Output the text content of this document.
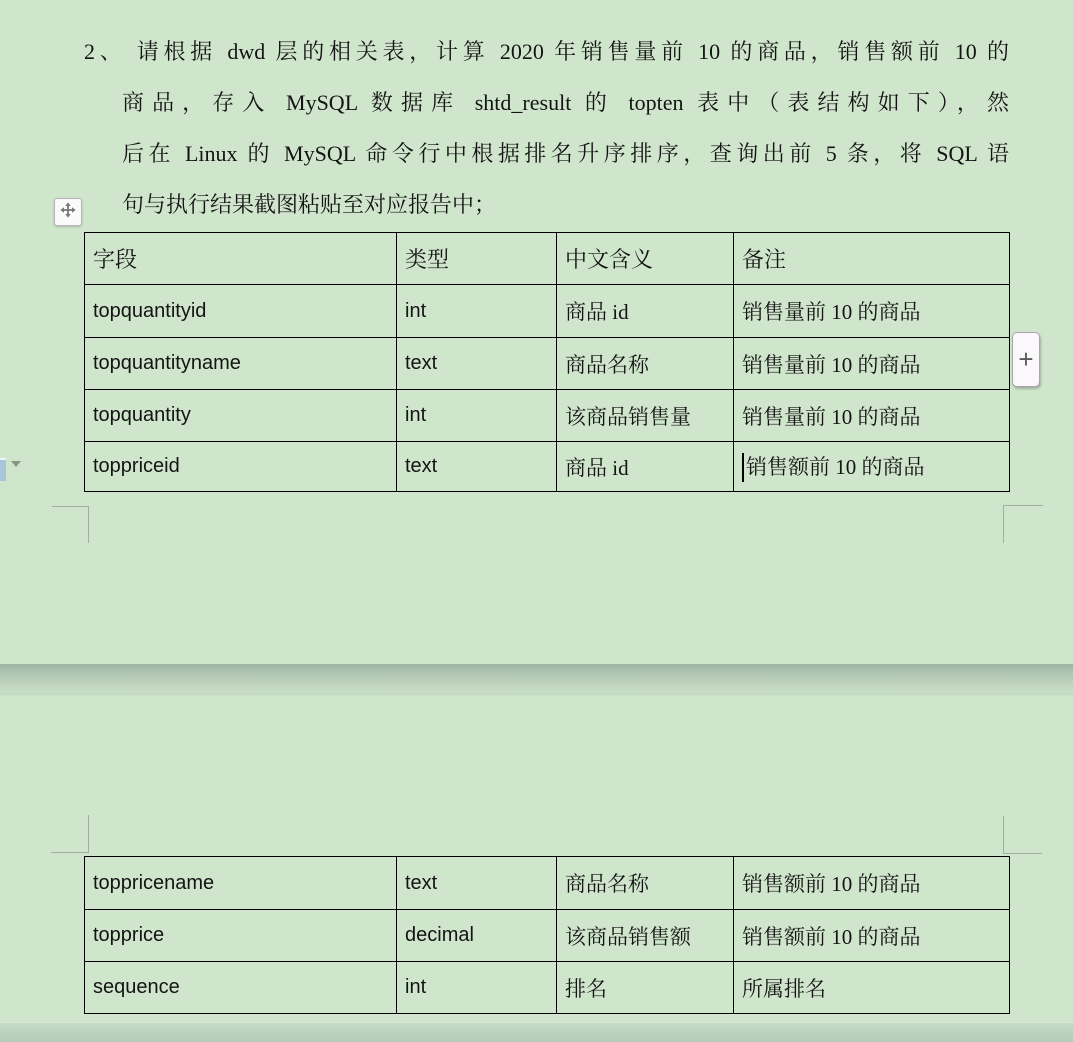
2、 请根据 dwd 层的相关表，计算 2020 年销售量前 10 的商品，销售额前 10 的
商品，存入 MySQL 数据库 shtd_result 的 topten 表中（表结构如下），然
后在 Linux 的 MySQL 命令行中根据排名升序排序，查询出前 5 条，将 SQL 语
句与执行结果截图粘贴至对应报告中；
字段	类型	中文含义	备注
topquantityid	int	商品 id	销售量前 10 的商品
topquantityname	text	商品名称	销售量前 10 的商品
topquantity	int	该商品销售量	销售量前 10 的商品
toppriceid	text	商品 id	销售额前 10 的商品
+
toppricename	text	商品名称	销售额前 10 的商品
topprice	decimal	该商品销售额	销售额前 10 的商品
sequence	int	排名	所属排名
